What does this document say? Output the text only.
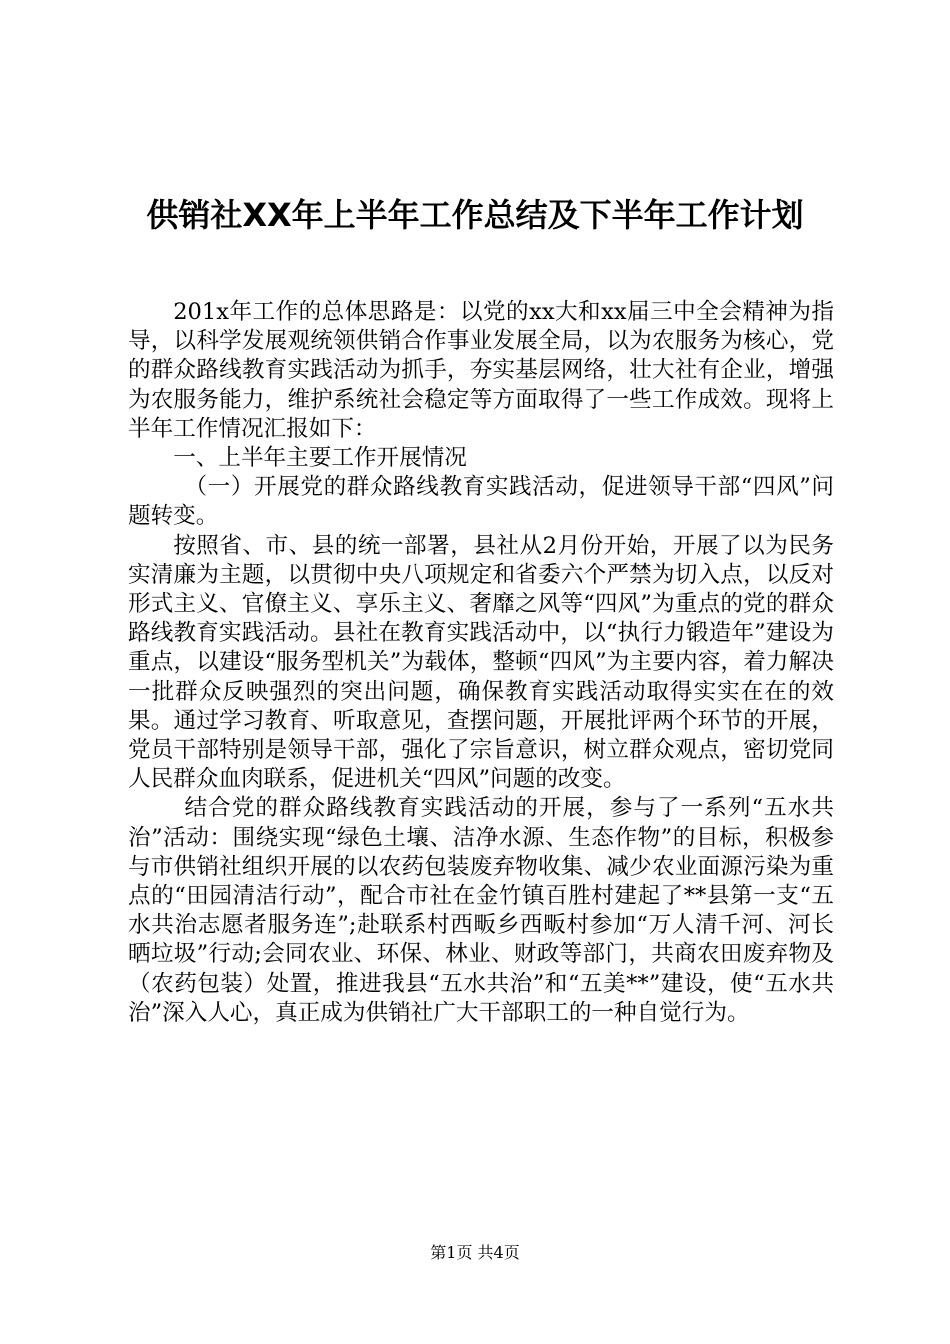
供销社XX年上半年工作总结及下半年工作计划

201x年工作的总体思路是：以党的xx大和xx届三中全会精神为指导，以科学发展观统领供销合作事业发展全局，以为农服务为核心，党的群众路线教育实践活动为抓手，夯实基层网络，壮大社有企业，增强为农服务能力，维护系统社会稳定等方面取得了一些工作成效。现将上半年工作情况汇报如下：

一、上半年主要工作开展情况

（一）开展党的群众路线教育实践活动，促进领导干部“四风”问题转变。

按照省、市、县的统一部署，县社从2月份开始，开展了以为民务实清廉为主题，以贯彻中央八项规定和省委六个严禁为切入点，以反对形式主义、官僚主义、享乐主义、奢靡之风等“四风”为重点的党的群众路线教育实践活动。县社在教育实践活动中，以“执行力锻造年”建设为重点，以建设“服务型机关”为载体，整顿“四风”为主要内容，着力解决一批群众反映强烈的突出问题，确保教育实践活动取得实实在在的效果。通过学习教育、听取意见，查摆问题，开展批评两个环节的开展，党员干部特别是领导干部，强化了宗旨意识，树立群众观点，密切党同人民群众血肉联系，促进机关“四风”问题的改变。

结合党的群众路线教育实践活动的开展，参与了一系列“五水共治”活动：围绕实现“绿色土壤、洁净水源、生态作物”的目标，积极参与市供销社组织开展的以农药包装废弃物收集、减少农业面源污染为重点的“田园清洁行动”，配合市社在金竹镇百胜村建起了**县第一支“五水共治志愿者服务连”;赴联系村西畈乡西畈村参加“万人清千河、河长晒垃圾”行动;会同农业、环保、林业、财政等部门，共商农田废弃物及（农药包装）处置，推进我县“五水共治”和“五美**”建设，使“五水共治”深入人心，真正成为供销社广大干部职工的一种自觉行为。

第1页 共4页
